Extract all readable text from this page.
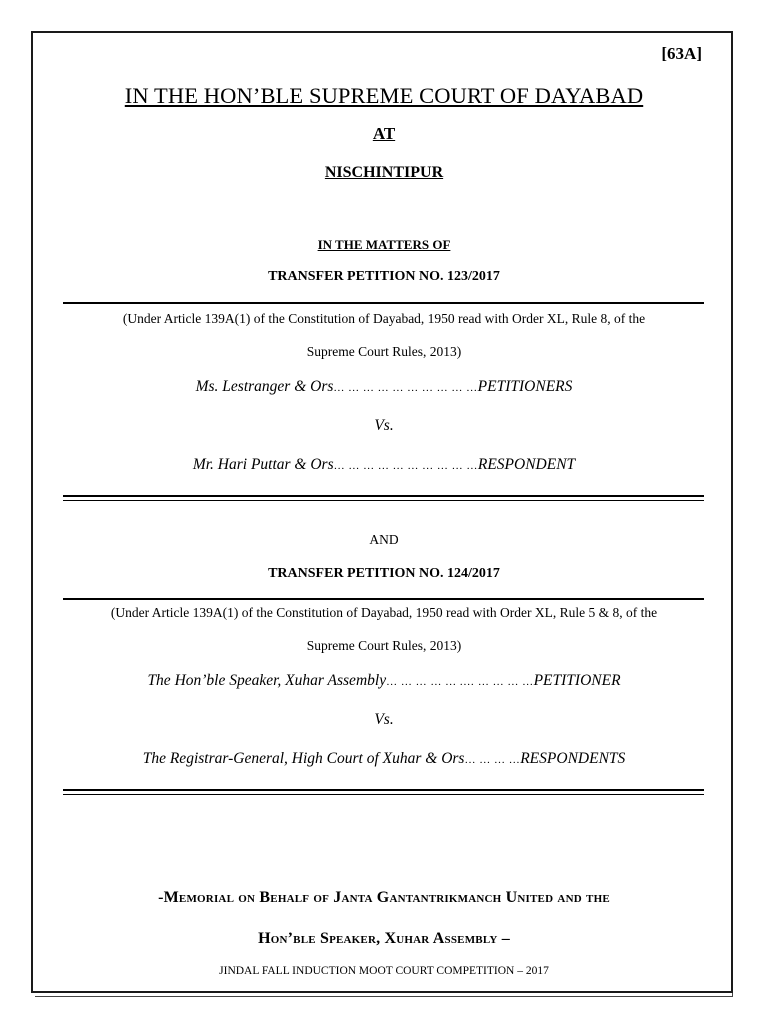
[63A]
IN THE HON’BLE SUPREME COURT OF DAYABAD
AT
NISCHINTIPUR
IN THE MATTERS OF
TRANSFER PETITION NO. 123/2017
(Under Article 139A(1) of the Constitution of Dayabad, 1950 read with Order XL, Rule 8, of the
Supreme Court Rules, 2013)
Ms. Lestranger & Ors… … … … … … … … … …PETITIONERS
Vs.
Mr. Hari Puttar & Ors… … … … … … … … … …RESPONDENT
AND
TRANSFER PETITION NO. 124/2017
(Under Article 139A(1) of the Constitution of Dayabad, 1950 read with Order XL, Rule 5 & 8, of the
Supreme Court Rules, 2013)
The Hon’ble Speaker, Xuhar Assembly… … … … … .… … … … …PETITIONER
Vs.
The Registrar-General, High Court of Xuhar & Ors… … … …RESPONDENTS
-Memorial on Behalf of Janta Gantantrikmanch United and the
Hon’ble Speaker, Xuhar Assembly –
JINDAL FALL INDUCTION MOOT COURT COMPETITION – 2017
